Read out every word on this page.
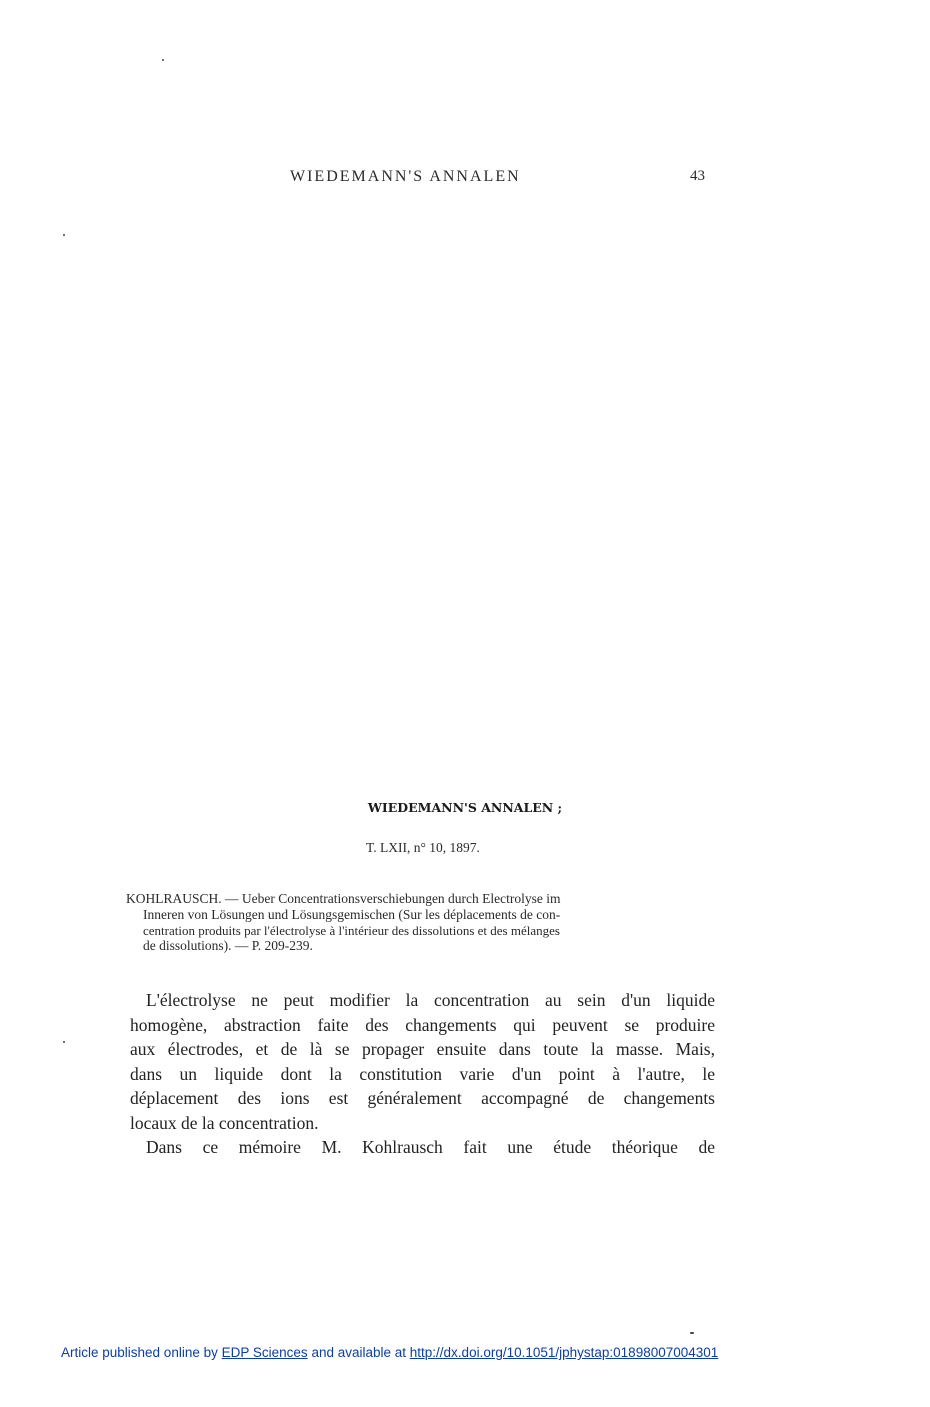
WIEDEMANN'S ANNALEN	43
WIEDEMANN'S ANNALEN ;
T. LXII, n° 10, 1897.
KOHLRAUSCH. — Ueber Concentrationsverschiebungen durch Electrolyse im
Inneren von Lösungen und Lösungsgemischen (Sur les déplacements de con-
centration produits par l'électrolyse à l'intérieur des dissolutions et des mélanges
de dissolutions). — P. 209-239.
L'électrolyse ne peut modifier la concentration au sein d'un liquide
homogène, abstraction faite des changements qui peuvent se produire
aux électrodes, et de là se propager ensuite dans toute la masse. Mais,
dans un liquide dont la constitution varie d'un point à l'autre, le
déplacement des ions est généralement accompagné de changements
locaux de la concentration.
Dans ce mémoire M. Kohlrausch fait une étude théorique de
Article published online by EDP Sciences and available at http://dx.doi.org/10.1051/jphystap:01898007004301
